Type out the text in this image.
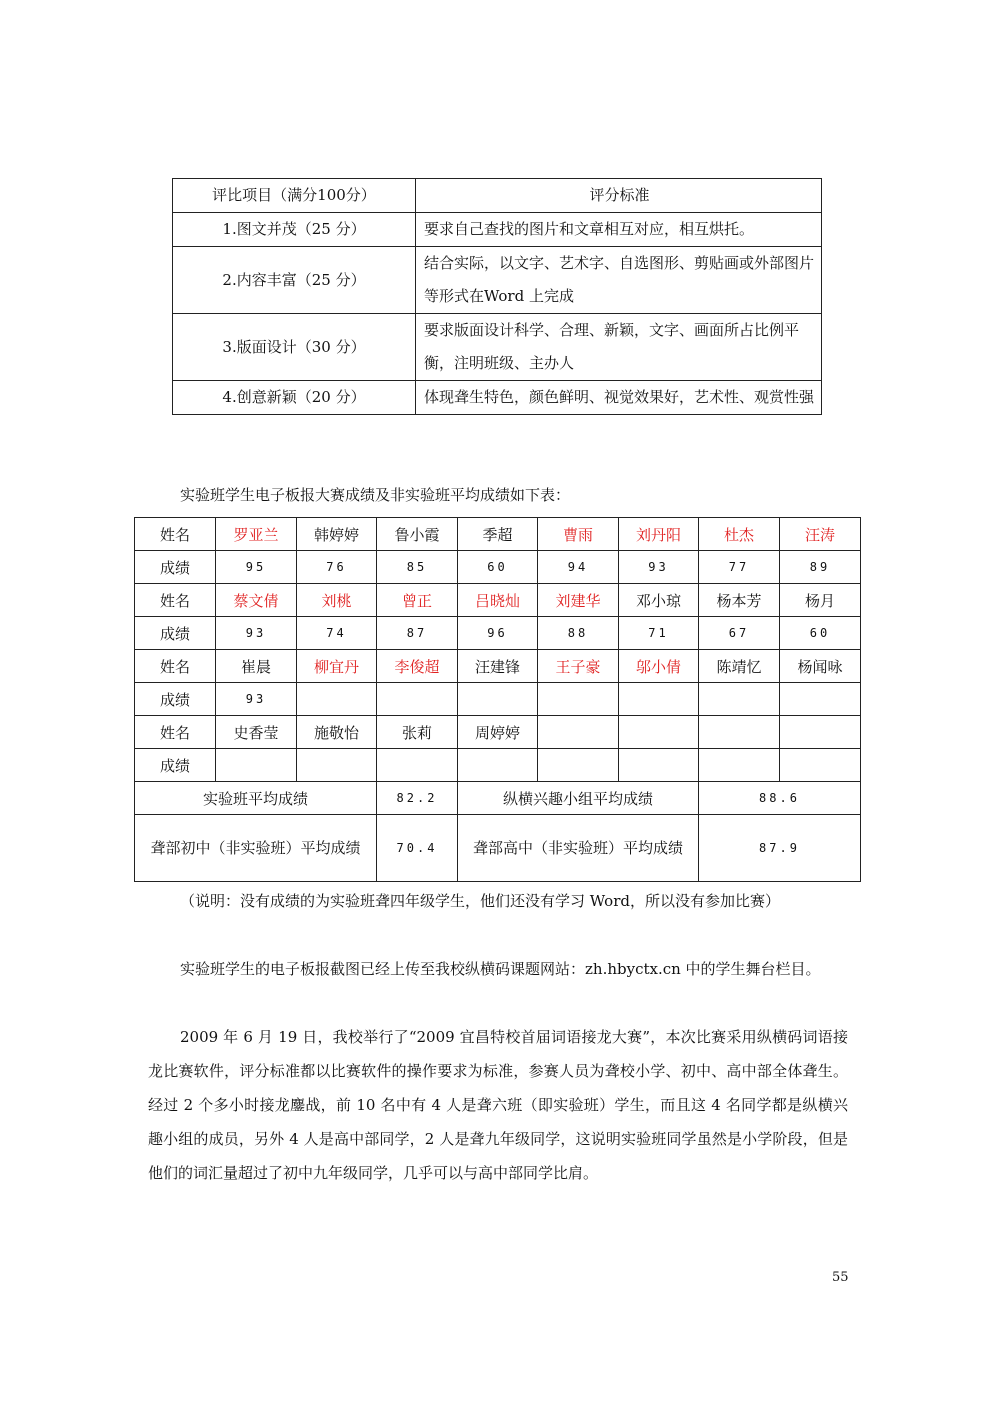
评比项目（满分100分）	评分标准
1.图文并茂（25 分）	要求自己查找的图片和文章相互对应，相互烘托。
2.内容丰富（25 分）	结合实际，以文字、艺术字、自选图形、剪贴画或外部图片等形式在Word 上完成
3.版面设计（30 分）	要求版面设计科学、合理、新颖，文字、画面所占比例平衡，注明班级、主办人
4.创意新颖（20 分）	体现聋生特色，颜色鲜明、视觉效果好，艺术性、观赏性强
实验班学生电子板报大赛成绩及非实验班平均成绩如下表：
姓名	罗亚兰	韩婷婷	鲁小霞	季超	曹雨	刘丹阳	杜杰	汪涛
成绩	95	76	85	60	94	93	77	89
姓名	蔡文倩	刘桃	曾正	吕晓灿	刘建华	邓小琼	杨本芳	杨月
成绩	93	74	87	96	88	71	67	60
姓名	崔晨	柳宜丹	李俊超	汪建锋	王子豪	邬小倩	陈靖忆	杨闻咏
成绩	93							
姓名	史香莹	施敬怡	张莉	周婷婷				
成绩								
实验班平均成绩			82.2	纵横兴趣小组平均成绩			88.6	
聋部初中（非实验班）平均成绩			70.4	聋部高中（非实验班）平均成绩			87.9	
（说明：没有成绩的为实验班聋四年级学生，他们还没有学习 Word，所以没有参加比赛）
实验班学生的电子板报截图已经上传至我校纵横码课题网站：zh.hbyctx.cn 中的学生舞台栏目。
2009 年 6 月 19 日，我校举行了“2009 宜昌特校首届词语接龙大赛”，本次比赛采用纵横码词语接龙比赛软件，评分标准都以比赛软件的操作要求为标准，参赛人员为聋校小学、初中、高中部全体聋生。经过 2 个多小时接龙鏖战，前 10 名中有 4 人是聋六班（即实验班）学生，而且这 4 名同学都是纵横兴趣小组的成员，另外 4 人是高中部同学，2 人是聋九年级同学，这说明实验班同学虽然是小学阶段，但是他们的词汇量超过了初中九年级同学，几乎可以与高中部同学比肩。
55
